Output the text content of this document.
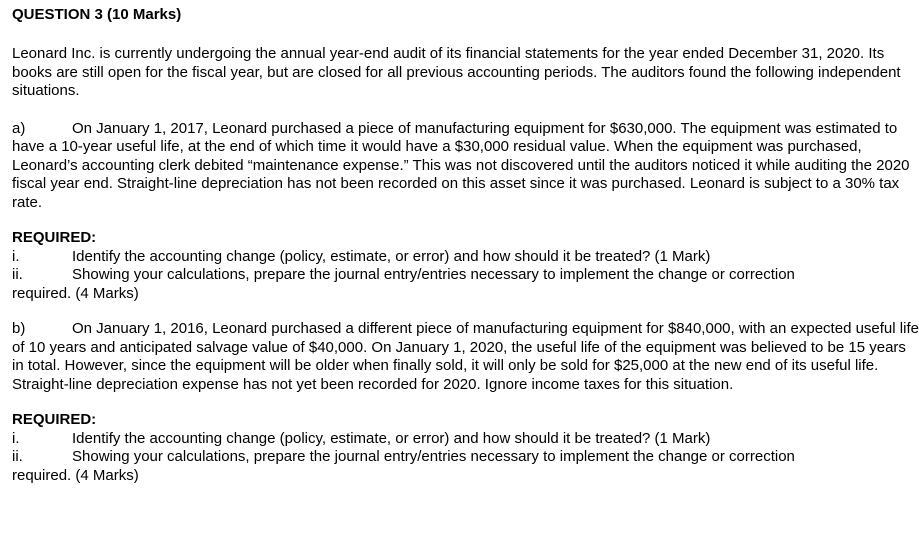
QUESTION 3 (10 Marks)

Leonard Inc. is currently undergoing the annual year-end audit of its financial statements for the year ended December 31, 2020. Its books are still open for the fiscal year, but are closed for all previous accounting periods. The auditors found the following independent situations.

a)	On January 1, 2017, Leonard purchased a piece of manufacturing equipment for $630,000. The equipment was estimated to have a 10-year useful life, at the end of which time it would have a $30,000 residual value. When the equipment was purchased, Leonard’s accounting clerk debited “maintenance expense.” This was not discovered until the auditors noticed it while auditing the 2020 fiscal year end. Straight-line depreciation has not been recorded on this asset since it was purchased. Leonard is subject to a 30% tax rate.

REQUIRED:
i.	Identify the accounting change (policy, estimate, or error) and how should it be treated? (1 Mark)
ii.	Showing your calculations, prepare the journal entry/entries necessary to implement the change or correction
required. (4 Marks)

b)	On January 1, 2016, Leonard purchased a different piece of manufacturing equipment for $840,000, with an expected useful life of 10 years and anticipated salvage value of $40,000. On January 1, 2020, the useful life of the equipment was believed to be 15 years in total. However, since the equipment will be older when finally sold, it will only be sold for $25,000 at the new end of its useful life. Straight-line depreciation expense has not yet been recorded for 2020. Ignore income taxes for this situation.

REQUIRED:
i.	Identify the accounting change (policy, estimate, or error) and how should it be treated? (1 Mark)
ii.	Showing your calculations, prepare the journal entry/entries necessary to implement the change or correction
required. (4 Marks)
